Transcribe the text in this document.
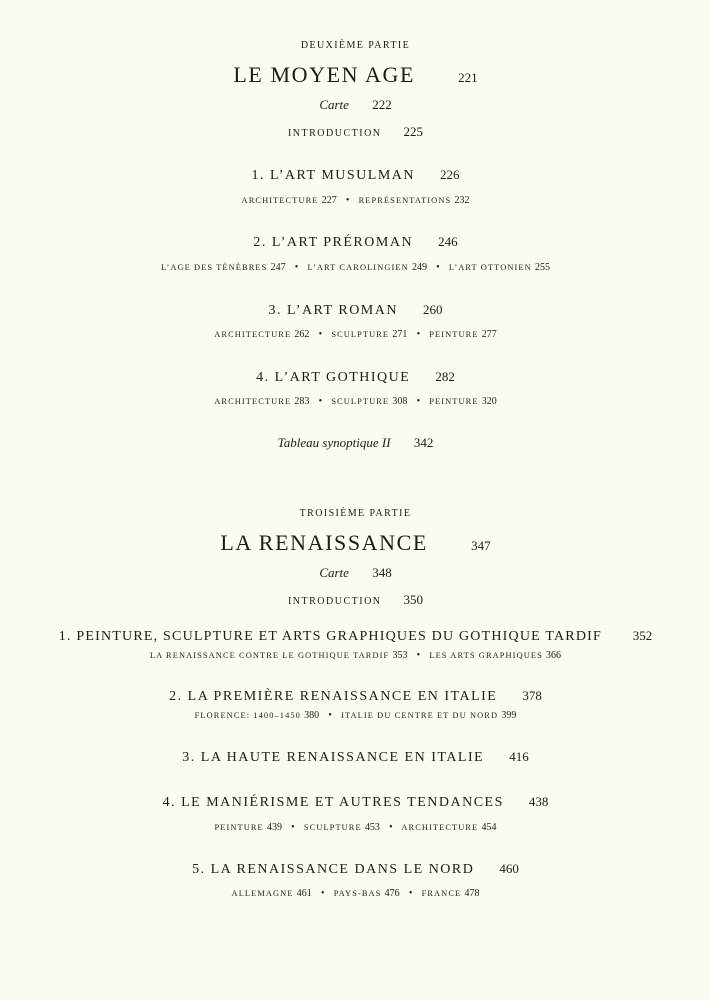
DEUXIÈME PARTIE
LE MOYEN AGE	221
Carte 222
INTRODUCTION 225
1. L’ART MUSULMAN 226
ARCHITECTURE 227 • REPRÉSENTATIONS 232
2. L’ART PRÉROMAN 246
L’AGE DES TÉNÈBRES 247 • L’ART CAROLINGIEN 249 • L’ART OTTONIEN 255
3. L’ART ROMAN 260
ARCHITECTURE 262 • SCULPTURE 271 • PEINTURE 277
4. L’ART GOTHIQUE 282
ARCHITECTURE 283 • SCULPTURE 308 • PEINTURE 320
Tableau synoptique II 342
TROISIÈME PARTIE
LA RENAISSANCE	347
Carte 348
INTRODUCTION 350
1. PEINTURE, SCULPTURE ET ARTS GRAPHIQUES DU GOTHIQUE TARDIF 352
LA RENAISSANCE CONTRE LE GOTHIQUE TARDIF 353 • LES ARTS GRAPHIQUES 366
2. LA PREMIÈRE RENAISSANCE EN ITALIE 378
FLORENCE: 1400–1450 380 • ITALIE DU CENTRE ET DU NORD 399
3. LA HAUTE RENAISSANCE EN ITALIE 416
4. LE MANIÉRISME ET AUTRES TENDANCES 438
PEINTURE 439 • SCULPTURE 453 • ARCHITECTURE 454
5. LA RENAISSANCE DANS LE NORD 460
ALLEMAGNE 461 • PAYS-BAS 476 • FRANCE 478
